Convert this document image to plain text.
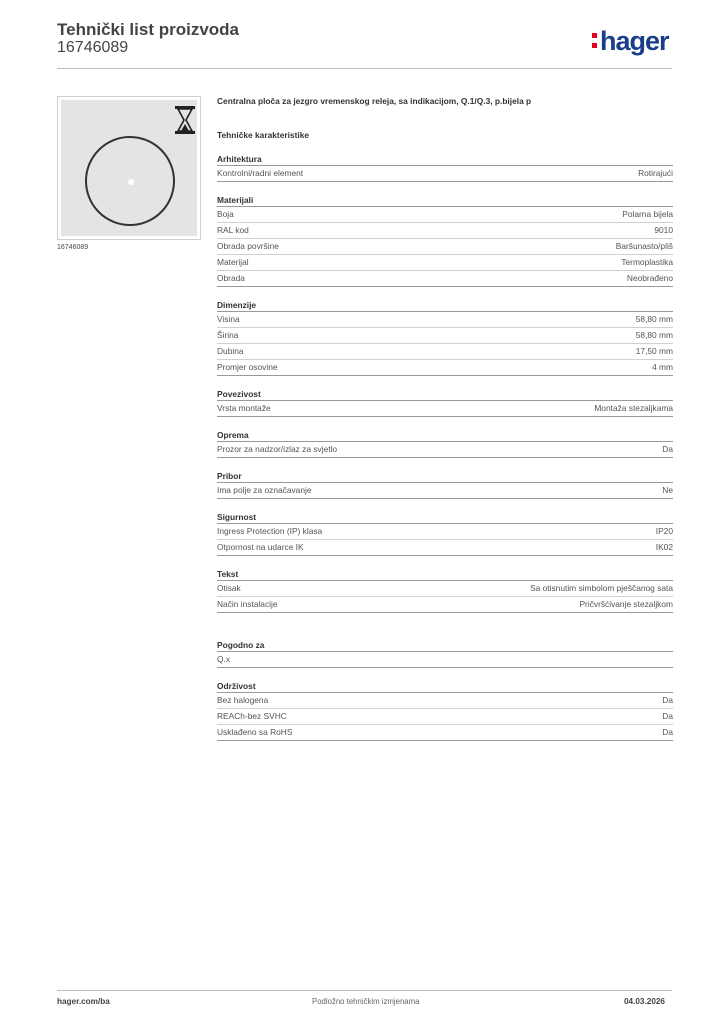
Tehnički list proizvoda
16746089	hager
16746089
Centralna ploča za jezgro vremenskog releja, sa indikacijom, Q.1/Q.3, p.bijela p
Tehničke karakteristike
Arhitektura
Kontrolni/radni element	Rotirajući
Materijali
Boja	Polarna bijela
RAL kod	9010
Obrada površine	Baršunasto/pliš
Materijal	Termoplastika
Obrada	Neobrađeno
Dimenzije
Visina	58,80 mm
Širina	58,80 mm
Dubina	17,50 mm
Promjer osovine	4 mm
Povezivost
Vrsta montaže	Montaža stezaljkama
Oprema
Prozor za nadzor/izlaz za svjetlo	Da
Pribor
Ima polje za označavanje	Ne
Sigurnost
Ingress Protection (IP) klasa	IP20
Otpornost na udarce IK	IK02
Tekst
Otisak	Sa otisnutim simbolom pješčanog sata
Način instalacije	Pričvršćivanje stezaljkom
Pogodno za
Q.x
Održivost
Bez halogena	Da
REACh-bez SVHC	Da
Usklađeno sa RoHS	Da
hager.com/ba	Podložno tehničkim izmjenama	04.03.2026
